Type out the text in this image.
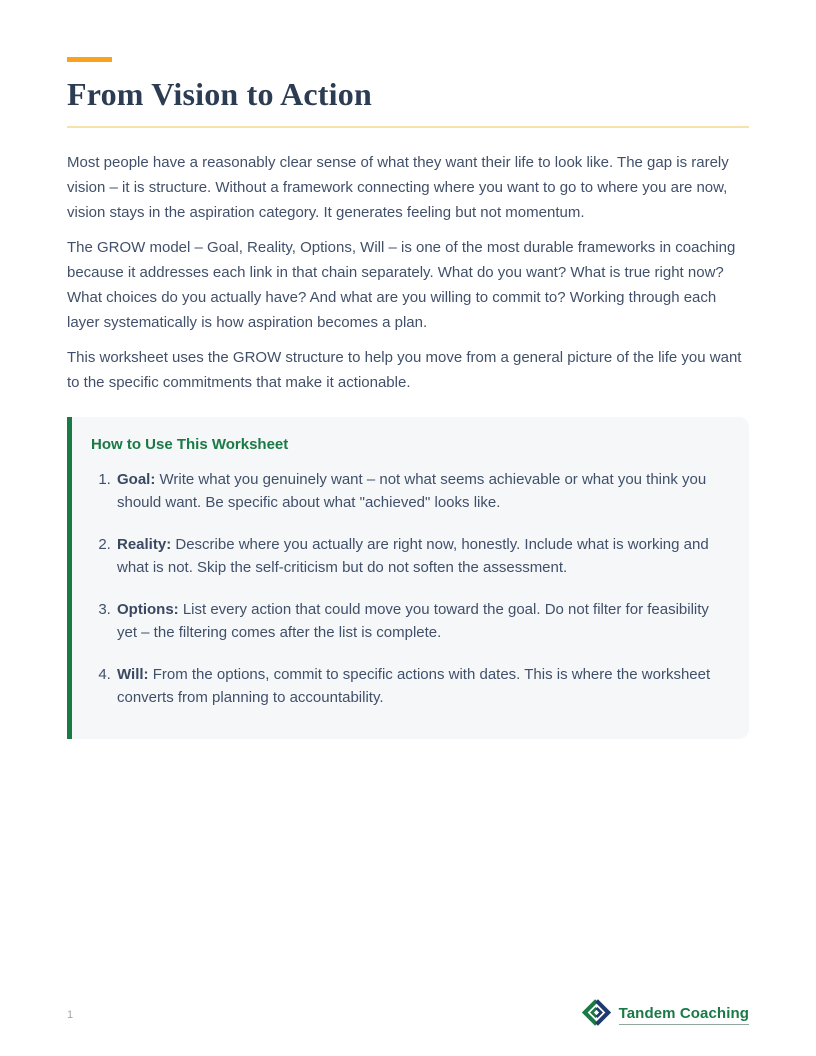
From Vision to Action

Most people have a reasonably clear sense of what they want their life to look like. The gap is rarely vision – it is structure. Without a framework connecting where you want to go to where you are now, vision stays in the aspiration category. It generates feeling but not momentum.

The GROW model – Goal, Reality, Options, Will – is one of the most durable frameworks in coaching because it addresses each link in that chain separately. What do you want? What is true right now? What choices do you actually have? And what are you willing to commit to? Working through each layer systematically is how aspiration becomes a plan.

This worksheet uses the GROW structure to help you move from a general picture of the life you want to the specific commitments that make it actionable.

How to Use This Worksheet
1. Goal: Write what you genuinely want – not what seems achievable or what you think you should want. Be specific about what "achieved" looks like.
2. Reality: Describe where you actually are right now, honestly. Include what is working and what is not. Skip the self-criticism but do not soften the assessment.
3. Options: List every action that could move you toward the goal. Do not filter for feasibility yet – the filtering comes after the list is complete.
4. Will: From the options, commit to specific actions with dates. This is where the worksheet converts from planning to accountability.
1	Tandem Coaching
